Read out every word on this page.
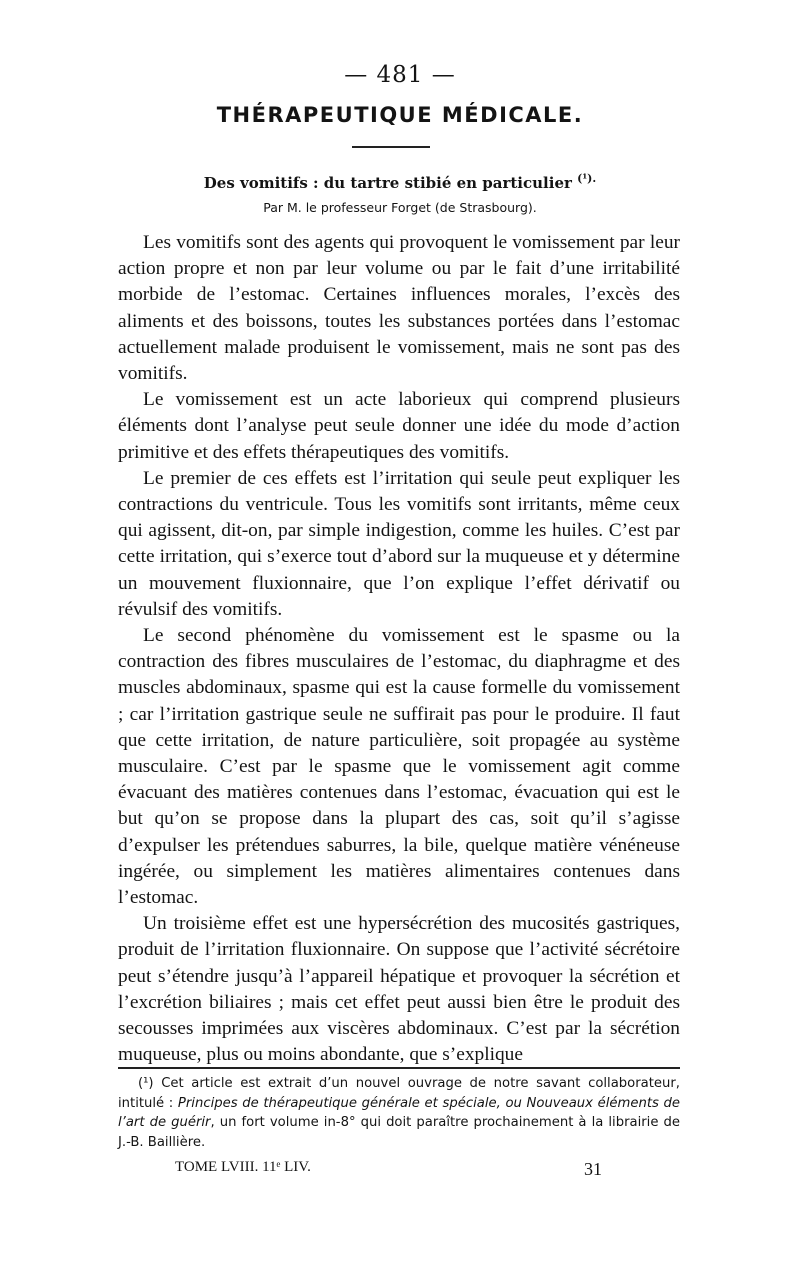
— 481 —
THÉRAPEUTIQUE MÉDICALE.
Des vomitifs : du tartre stibié en particulier $^{(^1).}$
Par M. le professeur Forget (de Strasbourg).

Les vomitifs sont des agents qui provoquent le vomissement par leur action propre et non par leur volume ou par le fait d’une irritabilité morbide de l’estomac. Certaines influences morales, l’excès des aliments et des boissons, toutes les substances portées dans l’estomac actuellement malade produisent le vomissement, mais ne sont pas des vomitifs.

Le vomissement est un acte laborieux qui comprend plusieurs éléments dont l’analyse peut seule donner une idée du mode d’action primitive et des effets thérapeutiques des vomitifs.

Le premier de ces effets est l’irritation qui seule peut expliquer les contractions du ventricule. Tous les vomitifs sont irritants, même ceux qui agissent, dit-on, par simple indigestion, comme les huiles. C’est par cette irritation, qui s’exerce tout d’abord sur la muqueuse et y détermine un mouvement fluxionnaire, que l’on explique l’effet dérivatif ou révulsif des vomitifs.

Le second phénomène du vomissement est le spasme ou la contraction des fibres musculaires de l’estomac, du diaphragme et des muscles abdominaux, spasme qui est la cause formelle du vomissement ; car l’irritation gastrique seule ne suffirait pas pour le produire. Il faut que cette irritation, de nature particulière, soit propagée au système musculaire. C’est par le spasme que le vomissement agit comme évacuant des matières contenues dans l’estomac, évacuation qui est le but qu’on se propose dans la plupart des cas, soit qu’il s’agisse d’expulser les prétendues saburres, la bile, quelque matière vénéneuse ingérée, ou simplement les matières alimentaires contenues dans l’estomac.

Un troisième effet est une hypersécrétion des mucosités gastriques, produit de l’irritation fluxionnaire. On suppose que l’activité sécrétoire peut s’étendre jusqu’à l’appareil hépatique et provoquer la sécrétion et l’excrétion biliaires ; mais cet effet peut aussi bien être le produit des secousses imprimées aux viscères abdominaux. C’est par la sécrétion muqueuse, plus ou moins abondante, que s’explique

(¹) Cet article est extrait d’un nouvel ouvrage de notre savant collaborateur, intitulé : Principes de thérapeutique générale et spéciale, ou Nouveaux éléments de l’art de guérir, un fort volume in-8° qui doit paraître prochainement à la librairie de J.-B. Baillière.
TOME LVIII. 11ᵉ LIV.	31
